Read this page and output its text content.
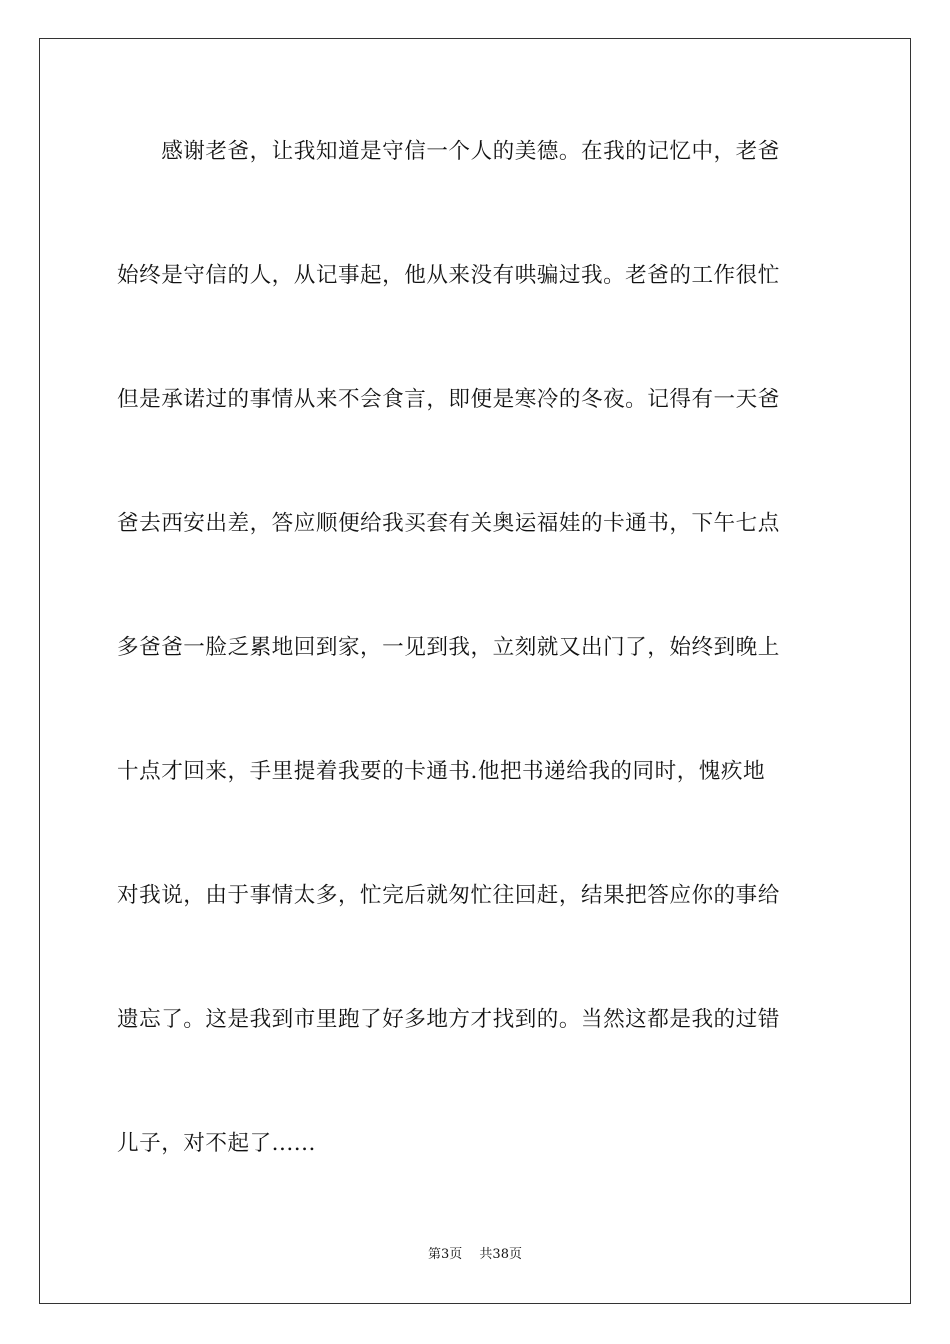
　　感谢老爸，让我知道是守信一个人的美德。在我的记忆中，老爸
始终是守信的人，从记事起，他从来没有哄骗过我。老爸的工作很忙
但是承诺过的事情从来不会食言，即便是寒冷的冬夜。记得有一天爸
爸去西安出差，答应顺便给我买套有关奥运福娃的卡通书，下午七点
多爸爸一脸乏累地回到家，一见到我，立刻就又出门了，始终到晚上
十点才回来，手里提着我要的卡通书.他把书递给我的同时，愧疚地
对我说，由于事情太多，忙完后就匆忙往回赶，结果把答应你的事给
遗忘了。这是我到市里跑了好多地方才找到的。当然这都是我的过错
儿子，对不起了......
第3页　 共38页
